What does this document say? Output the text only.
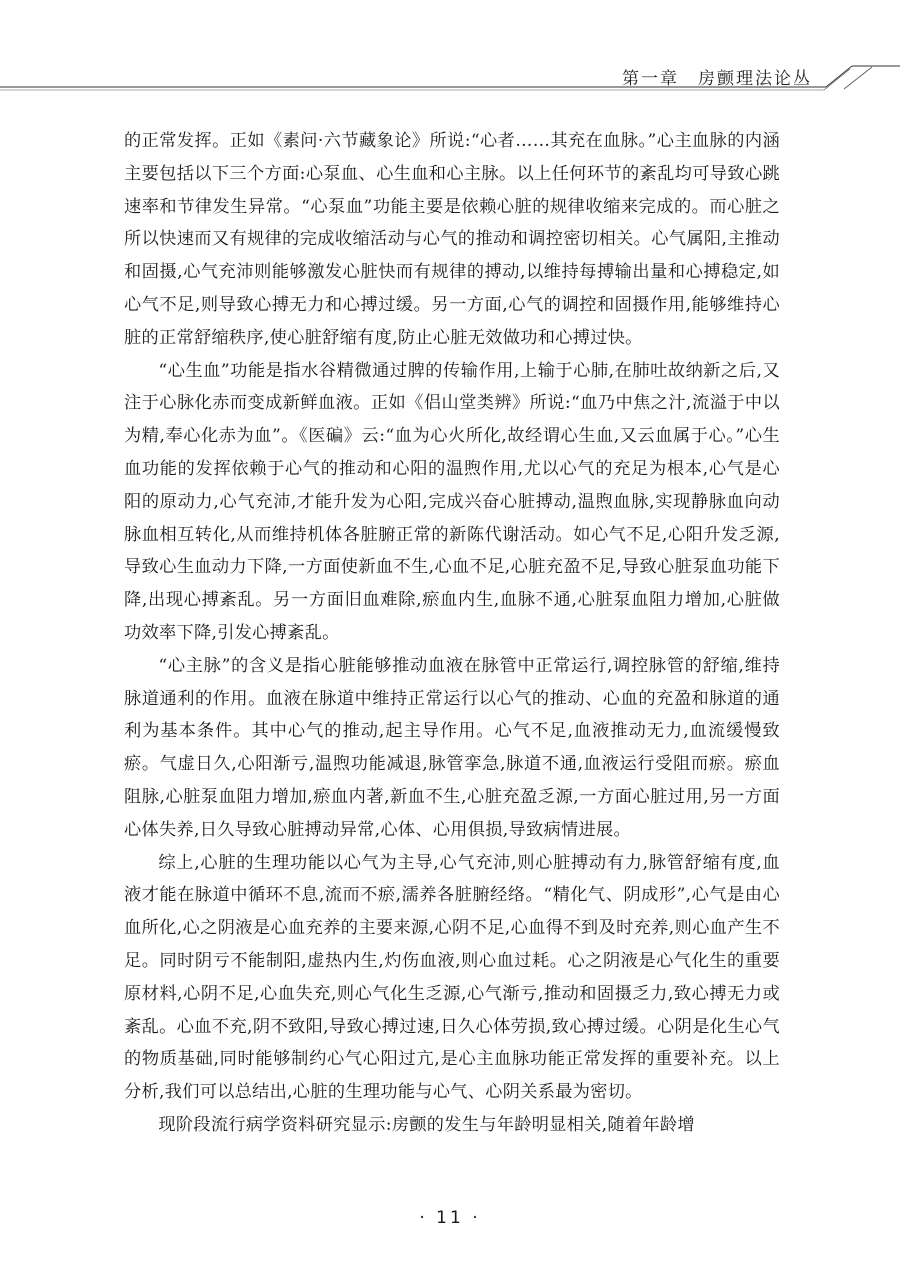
第一章　房颤理法论丛

的正常发挥。正如《素问·六节藏象论》所说:“心者……其充在血脉。”心主血脉的内涵主要包括以下三个方面:心泵血、心生血和心主脉。以上任何环节的紊乱均可导致心跳速率和节律发生异常。“心泵血”功能主要是依赖心脏的规律收缩来完成的。而心脏之所以快速而又有规律的完成收缩活动与心气的推动和调控密切相关。心气属阳,主推动和固摄,心气充沛则能够激发心脏快而有规律的搏动,以维持每搏输出量和心搏稳定,如心气不足,则导致心搏无力和心搏过缓。另一方面,心气的调控和固摄作用,能够维持心脏的正常舒缩秩序,使心脏舒缩有度,防止心脏无效做功和心搏过快。

“心生血”功能是指水谷精微通过脾的传输作用,上输于心肺,在肺吐故纳新之后,又注于心脉化赤而变成新鲜血液。正如《侣山堂类辨》所说:“血乃中焦之汁,流溢于中以为精,奉心化赤为血”。《医碥》云:“血为心火所化,故经谓心生血,又云血属于心。”心生血功能的发挥依赖于心气的推动和心阳的温煦作用,尤以心气的充足为根本,心气是心阳的原动力,心气充沛,才能升发为心阳,完成兴奋心脏搏动,温煦血脉,实现静脉血向动脉血相互转化,从而维持机体各脏腑正常的新陈代谢活动。如心气不足,心阳升发乏源,导致心生血动力下降,一方面使新血不生,心血不足,心脏充盈不足,导致心脏泵血功能下降,出现心搏紊乱。另一方面旧血难除,瘀血内生,血脉不通,心脏泵血阻力增加,心脏做功效率下降,引发心搏紊乱。

“心主脉”的含义是指心脏能够推动血液在脉管中正常运行,调控脉管的舒缩,维持脉道通利的作用。血液在脉道中维持正常运行以心气的推动、心血的充盈和脉道的通利为基本条件。其中心气的推动,起主导作用。心气不足,血液推动无力,血流缓慢致瘀。气虚日久,心阳渐亏,温煦功能减退,脉管挛急,脉道不通,血液运行受阻而瘀。瘀血阻脉,心脏泵血阻力增加,瘀血内著,新血不生,心脏充盈乏源,一方面心脏过用,另一方面心体失养,日久导致心脏搏动异常,心体、心用俱损,导致病情进展。

综上,心脏的生理功能以心气为主导,心气充沛,则心脏搏动有力,脉管舒缩有度,血液才能在脉道中循环不息,流而不瘀,濡养各脏腑经络。“精化气、阴成形”,心气是由心血所化,心之阴液是心血充养的主要来源,心阴不足,心血得不到及时充养,则心血产生不足。同时阴亏不能制阳,虚热内生,灼伤血液,则心血过耗。心之阴液是心气化生的重要原材料,心阴不足,心血失充,则心气化生乏源,心气渐亏,推动和固摄乏力,致心搏无力或紊乱。心血不充,阴不致阳,导致心搏过速,日久心体劳损,致心搏过缓。心阴是化生心气的物质基础,同时能够制约心气心阳过亢,是心主血脉功能正常发挥的重要补充。以上分析,我们可以总结出,心脏的生理功能与心气、心阴关系最为密切。

现阶段流行病学资料研究显示:房颤的发生与年龄明显相关,随着年龄增

· 11 ·
